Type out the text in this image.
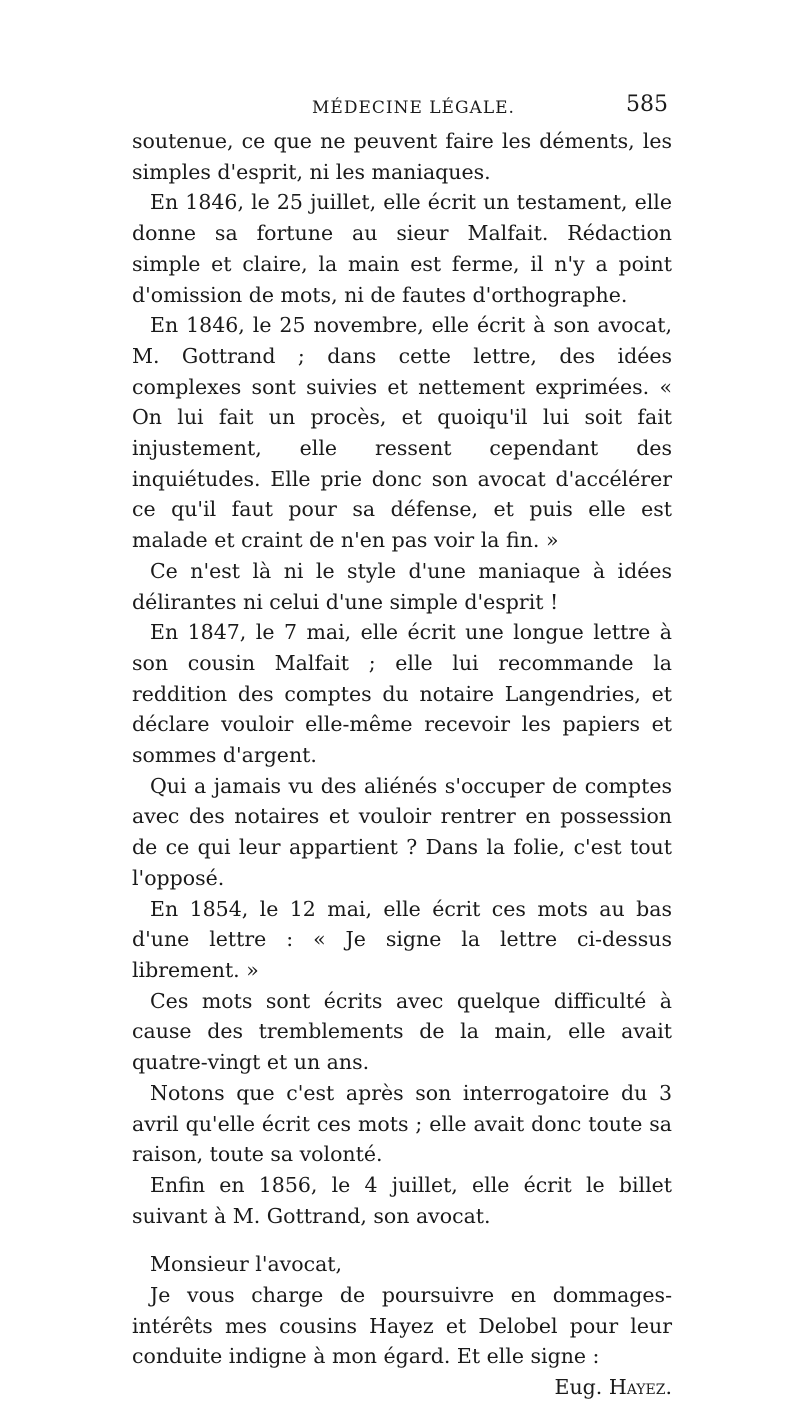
MÉDECINE LÉGALE.	585

soutenue, ce que ne peuvent faire les déments, les simples d'esprit, ni les maniaques.

En 1846, le 25 juillet, elle écrit un testament, elle donne sa fortune au sieur Malfait. Rédaction simple et claire, la main est ferme, il n'y a point d'omission de mots, ni de fautes d'orthographe.

En 1846, le 25 novembre, elle écrit à son avocat, M. Gottrand ; dans cette lettre, des idées complexes sont suivies et nettement exprimées. « On lui fait un procès, et quoiqu'il lui soit fait injustement, elle ressent cependant des inquiétudes. Elle prie donc son avocat d'accélérer ce qu'il faut pour sa défense, et puis elle est malade et craint de n'en pas voir la fin. »

Ce n'est là ni le style d'une maniaque à idées délirantes ni celui d'une simple d'esprit !

En 1847, le 7 mai, elle écrit une longue lettre à son cousin Malfait ; elle lui recommande la reddition des comptes du notaire Langendries, et déclare vouloir elle-même recevoir les papiers et sommes d'argent.

Qui a jamais vu des aliénés s'occuper de comptes avec des notaires et vouloir rentrer en possession de ce qui leur appartient ? Dans la folie, c'est tout l'opposé.

En 1854, le 12 mai, elle écrit ces mots au bas d'une lettre : « Je signe la lettre ci-dessus librement. »

Ces mots sont écrits avec quelque difficulté à cause des tremblements de la main, elle avait quatre-vingt et un ans.

Notons que c'est après son interrogatoire du 3 avril qu'elle écrit ces mots ; elle avait donc toute sa raison, toute sa volonté.

Enfin en 1856, le 4 juillet, elle écrit le billet suivant à M. Gottrand, son avocat.

Monsieur l'avocat,

Je vous charge de poursuivre en dommages-intérêts mes cousins Hayez et Delobel pour leur conduite indigne à mon égard. Et elle signe :
Eug. Hayez.
